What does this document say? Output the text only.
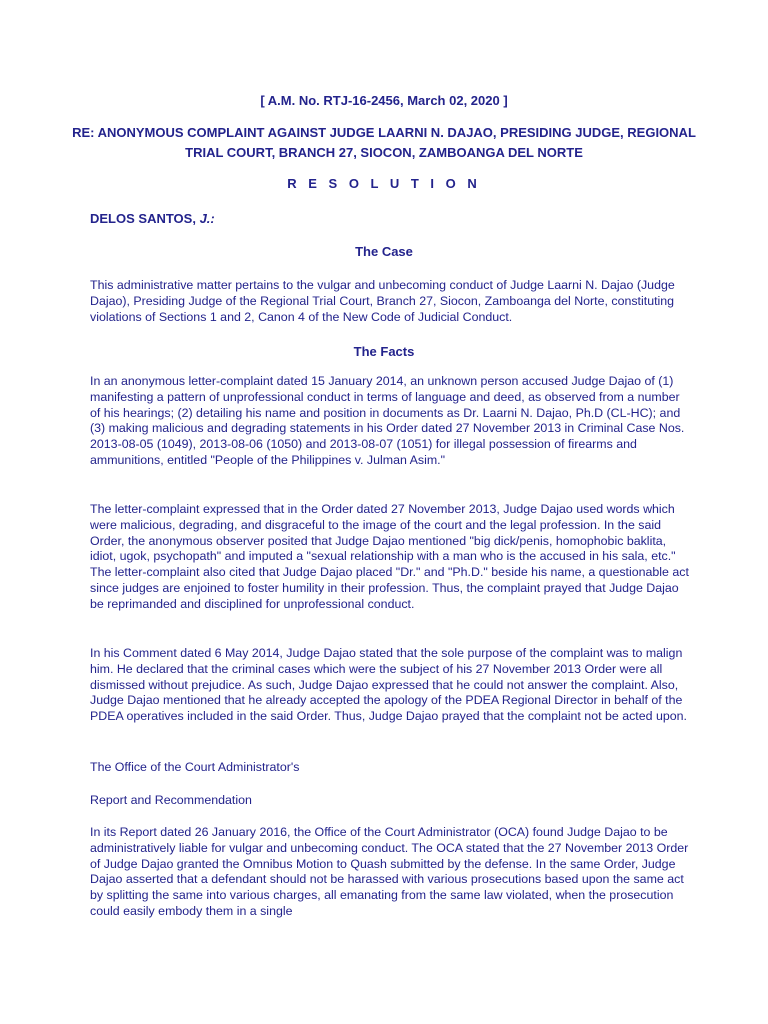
[ A.M. No. RTJ-16-2456, March 02, 2020 ]
RE: ANONYMOUS COMPLAINT AGAINST JUDGE LAARNI N. DAJAO, PRESIDING JUDGE, REGIONAL TRIAL COURT, BRANCH 27, SIOCON, ZAMBOANGA DEL NORTE
R E S O L U T I O N
DELOS SANTOS, J.:
The Case

This administrative matter pertains to the vulgar and unbecoming conduct of Judge Laarni N. Dajao (Judge Dajao), Presiding Judge of the Regional Trial Court, Branch 27, Siocon, Zamboanga del Norte, constituting violations of Sections 1 and 2, Canon 4 of the New Code of Judicial Conduct.

The Facts

In an anonymous letter-complaint dated 15 January 2014, an unknown person accused Judge Dajao of (1) manifesting a pattern of unprofessional conduct in terms of language and deed, as observed from a number of his hearings; (2) detailing his name and position in documents as Dr. Laarni N. Dajao, Ph.D (CL-HC); and (3) making malicious and degrading statements in his Order dated 27 November 2013 in Criminal Case Nos. 2013-08-05 (1049), 2013-08-06 (1050) and 2013-08-07 (1051) for illegal possession of firearms and ammunitions, entitled "People of the Philippines v. Julman Asim."

The letter-complaint expressed that in the Order dated 27 November 2013, Judge Dajao used words which were malicious, degrading, and disgraceful to the image of the court and the legal profession. In the said Order, the anonymous observer posited that Judge Dajao mentioned "big dick/penis, homophobic baklita, idiot, ugok, psychopath" and imputed a "sexual relationship with a man who is the accused in his sala, etc." The letter-complaint also cited that Judge Dajao placed "Dr." and "Ph.D." beside his name, a questionable act since judges are enjoined to foster humility in their profession. Thus, the complaint prayed that Judge Dajao be reprimanded and disciplined for unprofessional conduct.

In his Comment dated 6 May 2014, Judge Dajao stated that the sole purpose of the complaint was to malign him. He declared that the criminal cases which were the subject of his 27 November 2013 Order were all dismissed without prejudice. As such, Judge Dajao expressed that he could not answer the complaint. Also, Judge Dajao mentioned that he already accepted the apology of the PDEA Regional Director in behalf of the PDEA operatives included in the said Order. Thus, Judge Dajao prayed that the complaint not be acted upon.

The Office of the Court Administrator's
Report and Recommendation

In its Report dated 26 January 2016, the Office of the Court Administrator (OCA) found Judge Dajao to be administratively liable for vulgar and unbecoming conduct. The OCA stated that the 27 November 2013 Order of Judge Dajao granted the Omnibus Motion to Quash submitted by the defense. In the same Order, Judge Dajao asserted that a defendant should not be harassed with various prosecutions based upon the same act by splitting the same into various charges, all emanating from the same law violated, when the prosecution could easily embody them in a single
